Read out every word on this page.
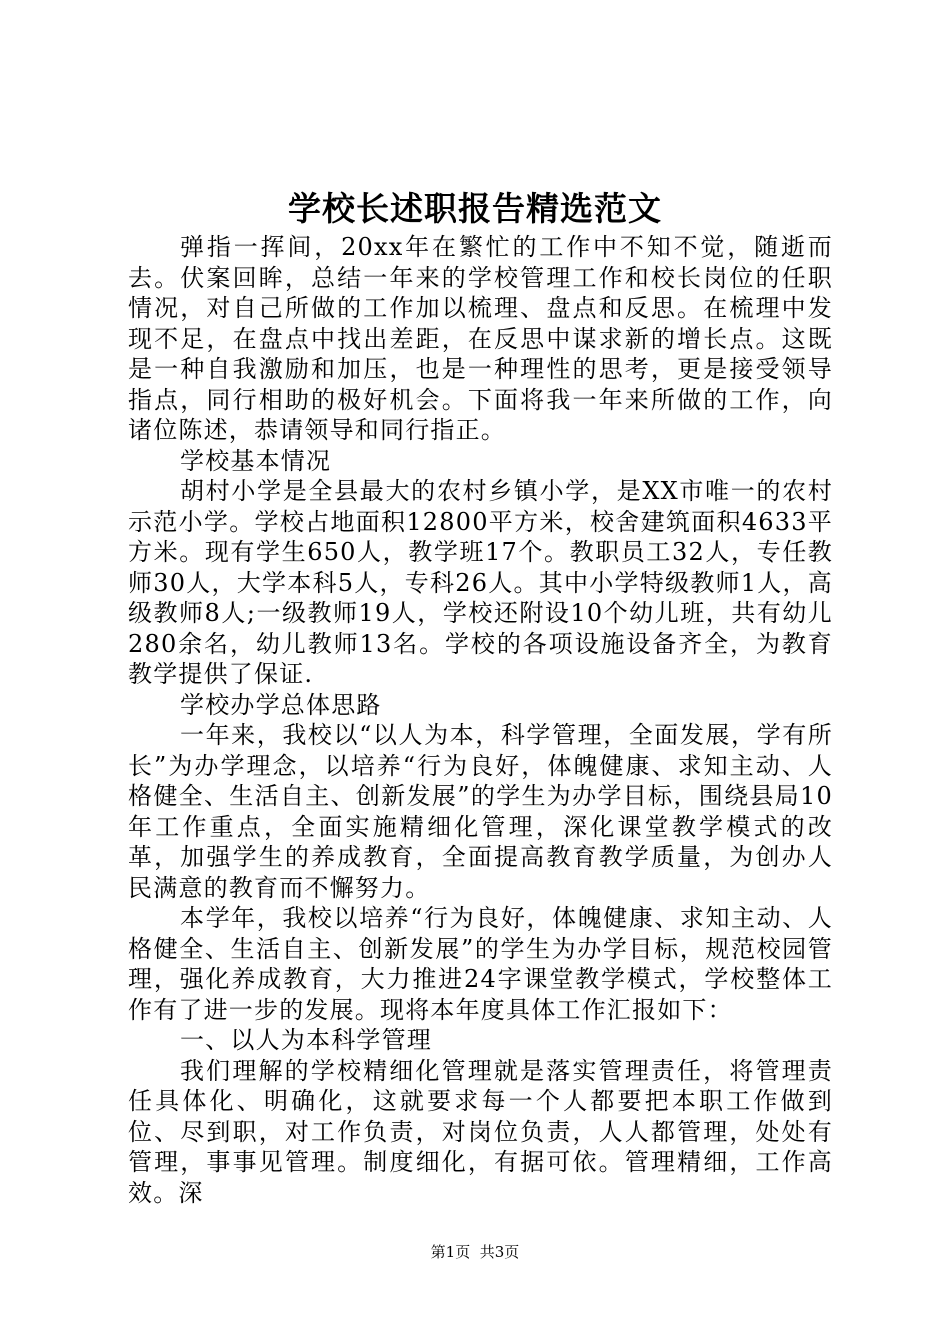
学校长述职报告精选范文

弹指一挥间，20xx年在繁忙的工作中不知不觉，随逝而去。伏案回眸，总结一年来的学校管理工作和校长岗位的任职情况，对自己所做的工作加以梳理、盘点和反思。在梳理中发现不足，在盘点中找出差距，在反思中谋求新的增长点。这既是一种自我激励和加压，也是一种理性的思考，更是接受领导指点，同行相助的极好机会。下面将我一年来所做的工作，向诸位陈述，恭请领导和同行指正。

学校基本情况

胡村小学是全县最大的农村乡镇小学，是XX市唯一的农村示范小学。学校占地面积12800平方米，校舍建筑面积4633平方米。现有学生650人，教学班17个。教职员工32人，专任教师30人，大学本科5人，专科26人。其中小学特级教师1人，高级教师8人;一级教师19人，学校还附设10个幼儿班，共有幼儿280余名，幼儿教师13名。学校的各项设施设备齐全，为教育教学提供了保证.

学校办学总体思路

一年来，我校以“以人为本，科学管理，全面发展，学有所长”为办学理念，以培养“行为良好，体魄健康、求知主动、人格健全、生活自主、创新发展”的学生为办学目标，围绕县局10年工作重点，全面实施精细化管理，深化课堂教学模式的改革，加强学生的养成教育，全面提高教育教学质量，为创办人民满意的教育而不懈努力。

本学年，我校以培养“行为良好，体魄健康、求知主动、人格健全、生活自主、创新发展”的学生为办学目标，规范校园管理，强化养成教育，大力推进24字课堂教学模式，学校整体工作有了进一步的发展。现将本年度具体工作汇报如下：

一、以人为本科学管理

我们理解的学校精细化管理就是落实管理责任，将管理责任具体化、明确化，这就要求每一个人都要把本职工作做到位、尽到职，对工作负责，对岗位负责，人人都管理，处处有管理，事事见管理。制度细化，有据可依。管理精细，工作高效。深

第1页 共3页
